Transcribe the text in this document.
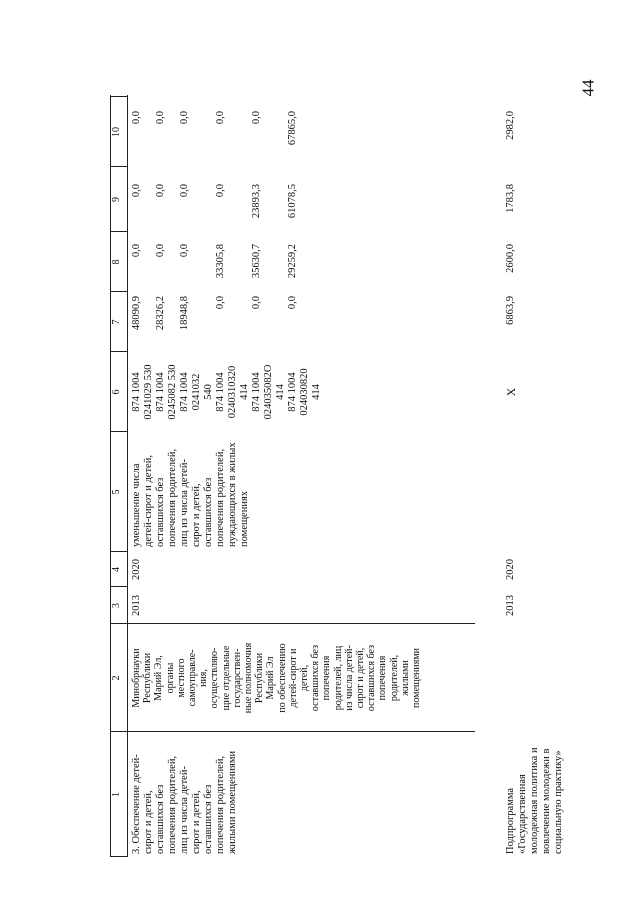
44
1
2
3
4
5
6
7
8
9
10
3. Обеспечение детей-
сирот и детей,
оставшихся без
попечения родителей,
лиц из числа детей-
сирот и детей,
оставшихся без
попечения родителей,
жилыми помещениями
Минобрнауки
Республики
Марий Эл,
органы
местного
самоуправле-
ния,
осуществляю-
щие отдельные
государствен-
ные полномочия
Республики
Марий Эл
по обеспечению
детей-сирот и
детей,
оставшихся без
попечения
родителей, лиц
из числа детей-
сирот и детей,
оставшихся без
попечения
родителей,
жилыми
помещениями
2013
2020
уменьшение числа
детей-сирот и детей,
оставшихся без
попечения родителей,
лиц из числа детей-
сирот и детей,
оставшихся без
попечения родителей,
нуждающихся в жилых
помещениях
874 1004
0241029 530
874 1004
0245082 530
874 1004
0241032
540
874 1004
0240310320
414
874 1004
024035082О
414
874 1004
024030820
414
48090,9

28326,2

18948,8

0,0

0,0

0,0
0,0

0,0

0,0

33305,8

35630,7

29259,2
0,0

0,0

0,0

0,0

23893,3

61078,5
0,0

0,0

0,0

0,0

0,0

67865,0
Подпрограмма
«Государственная
молодежная политика и
вовлечение молодежи в
социальную практику»
2013
2020
Х
6863,9
2600,0
1783,8
2982,0
